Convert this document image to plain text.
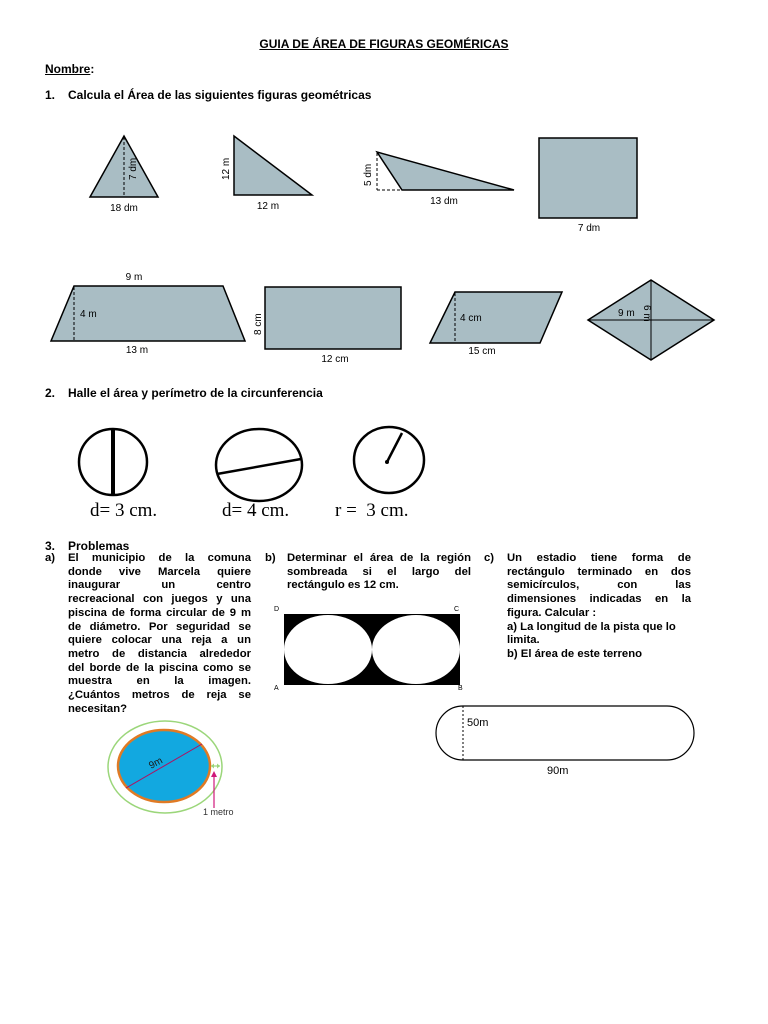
GUIA DE ÁREA DE FIGURAS GEOMÉRICAS
Nombre:
1. Calcula el Área de las siguientes figuras geométricas
18 dm
7 dm
12 m
12 m
13 dm
5 dm
7 dm
9 m
4 m
13 m
8 cm
12 cm
4 cm
15 cm
9 m 6 m
2. Halle el área y perímetro de la circunferencia
d= 3 cm.	d= 4 cm. r =  3 cm.
3. Problemas
a) El municipio de la comuna

donde vive Marcela quiere

inaugurar un centro

recreacional con juegos y una

piscina de forma circular de 9 m

de diámetro. Por seguridad se

quiere colocar una reja a un

metro de distancia alrededor

del borde de la piscina como se

muestra en la imagen.

¿Cuántos metros de reja se

necesitan?

9m
1 metro
b) Determinar el área de la región

sombreada si el largo del

rectángulo es 12 cm.

D	C
A	B
c) Un estadio tiene forma de

rectángulo terminado en dos

semicírculos, con las

dimensiones indicadas en la

figura. Calcular :

a) La longitud de la pista que lo

limita.

b) El área de este terreno

50m
90m
